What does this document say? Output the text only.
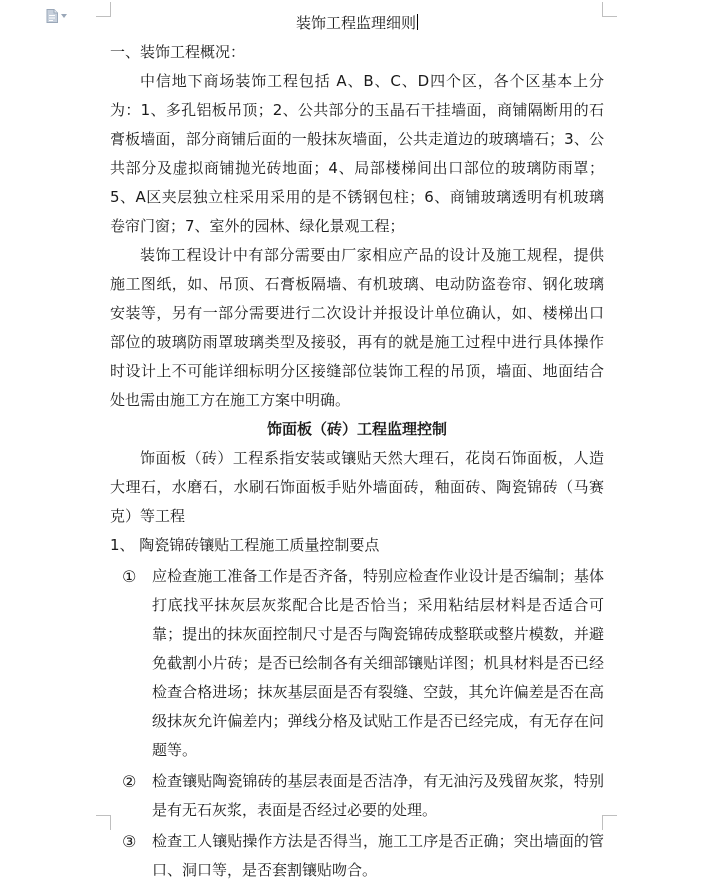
装饰工程监理细则

一、装饰工程概况：

中信地下商场装饰工程包括 A、B、C、D四个区，各个区基本上分为：1、多孔铝板吊顶；2、公共部分的玉晶石干挂墙面，商铺隔断用的石膏板墙面，部分商铺后面的一般抹灰墙面，公共走道边的玻璃墙石；3、公共部分及虚拟商铺抛光砖地面；4、局部楼梯间出口部位的玻璃防雨罩；5、A区夹层独立柱采用采用的是不锈钢包柱；6、商铺玻璃透明有机玻璃卷帘门窗；7、室外的园林、绿化景观工程；

装饰工程设计中有部分需要由厂家相应产品的设计及施工规程，提供施工图纸，如、吊顶、石膏板隔墙、有机玻璃、电动防盗卷帘、钢化玻璃安装等，另有一部分需要进行二次设计并报设计单位确认，如、楼梯出口部位的玻璃防雨罩玻璃类型及接驳，再有的就是施工过程中进行具体操作时设计上不可能详细标明分区接缝部位装饰工程的吊顶，墙面、地面结合处也需由施工方在施工方案中明确。

饰面板（砖）工程监理控制

饰面板（砖）工程系指安装或镶贴天然大理石，花岗石饰面板，人造大理石，水磨石，水刷石饰面板手贴外墙面砖，釉面砖、陶瓷锦砖（马赛克）等工程

1、 陶瓷锦砖镶贴工程施工质量控制要点

①	应检查施工准备工作是否齐备，特别应检查作业设计是否编制；基体打底找平抹灰层灰浆配合比是否恰当；采用粘结层材料是否适合可靠；提出的抹灰面控制尺寸是否与陶瓷锦砖成整联或整片模数，并避免截割小片砖；是否已绘制各有关细部镶贴详图；机具材料是否已经检查合格进场；抹灰基层面是否有裂缝、空鼓，其允许偏差是否在高级抹灰允许偏差内；弹线分格及试贴工作是否已经完成，有无存在问题等。
②	检查镶贴陶瓷锦砖的基层表面是否洁净，有无油污及残留灰浆，特别是有无石灰浆，表面是否经过必要的处理。
③	检查工人镶贴操作方法是否得当，施工工序是否正确；突出墙面的管口、洞口等，是否套割镶贴吻合。
